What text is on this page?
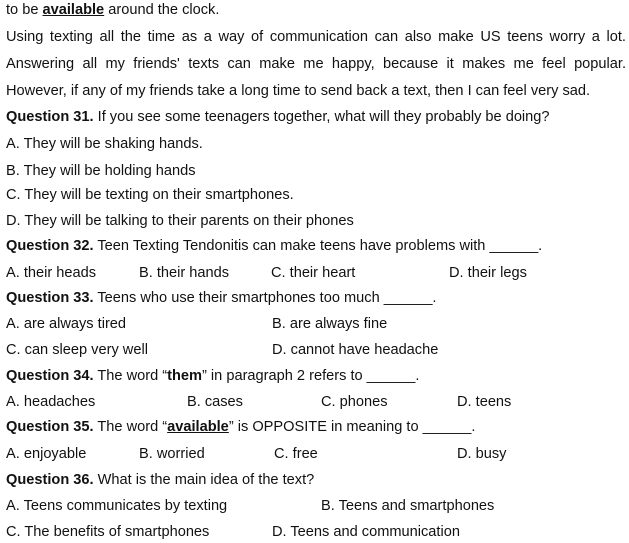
to be available around the clock.
Using texting all the time as a way of communication can also make US teens worry a lot.
Answering all my friends' texts can make me happy, because it makes me feel popular.
However, if any of my friends take a long time to send back a text, then I can feel very sad.
Question 31. If you see some teenagers together, what will they probably be doing?
A. They will be shaking hands.
B. They will be holding hands
C. They will be texting on their smartphones.
D. They will be talking to their parents on their phones
Question 32. Teen Texting Tendonitis can make teens have problems with ______.
A. their heads	B. their hands	C. their heart	D. their legs
Question 33. Teens who use their smartphones too much ______.
A. are always tired	B. are always fine
C. can sleep very well	D. cannot have headache
Question 34. The word “them” in paragraph 2 refers to ______.
A. headaches	B. cases	C. phones	D. teens
Question 35. The word “available” is OPPOSITE in meaning to ______.
A. enjoyable	B. worried	C. free	D. busy
Question 36. What is the main idea of the text?
A. Teens communicates by texting	B. Teens and smartphones
C. The benefits of smartphones	D. Teens and communication
